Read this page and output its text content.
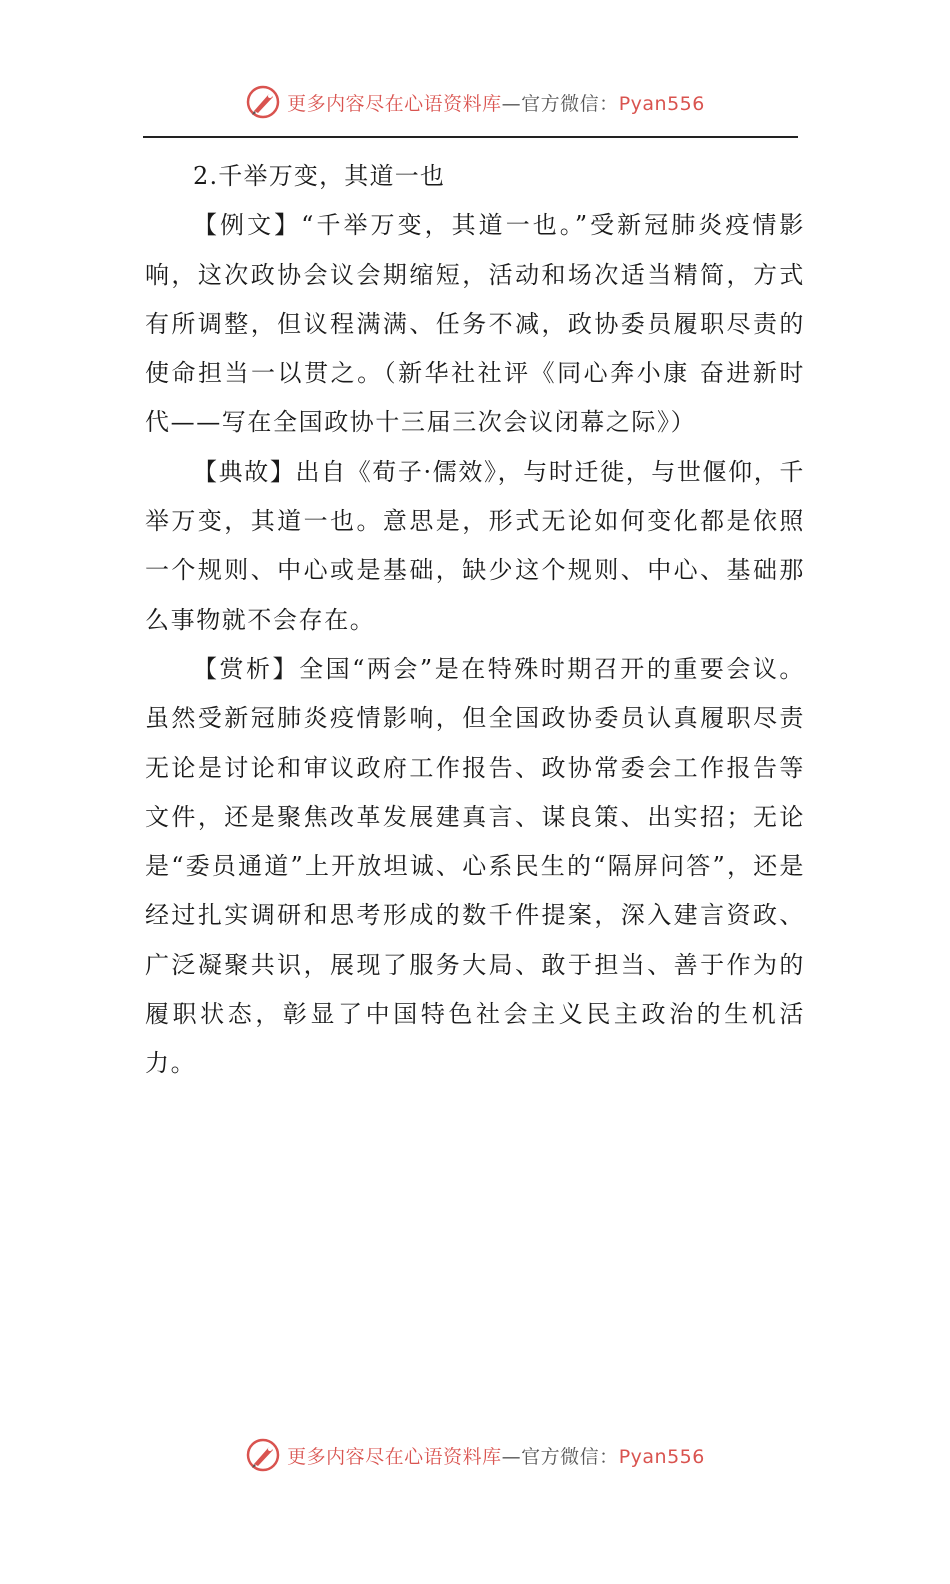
更多内容尽在心语资料库—官方微信：Pyan556

2.千举万变，其道一也

【例文】“千举万变，其道一也。”受新冠肺炎疫情影响，这次政协会议会期缩短，活动和场次适当精简，方式有所调整，但议程满满、任务不减，政协委员履职尽责的使命担当一以贯之。（新华社社评《同心奔小康 奋进新时代——写在全国政协十三届三次会议闭幕之际》）

【典故】出自《荀子·儒效》，与时迁徙，与世偃仰，千举万变，其道一也。意思是，形式无论如何变化都是依照一个规则、中心或是基础，缺少这个规则、中心、基础那么事物就不会存在。

【赏析】全国“两会”是在特殊时期召开的重要会议。虽然受新冠肺炎疫情影响，但全国政协委员认真履职尽责无论是讨论和审议政府工作报告、政协常委会工作报告等文件，还是聚焦改革发展建真言、谋良策、出实招；无论是“委员通道”上开放坦诚、心系民生的“隔屏问答”，还是经过扎实调研和思考形成的数千件提案，深入建言资政、广泛凝聚共识，展现了服务大局、敢于担当、善于作为的履职状态，彰显了中国特色社会主义民主政治的生机活力。

更多内容尽在心语资料库—官方微信：Pyan556
